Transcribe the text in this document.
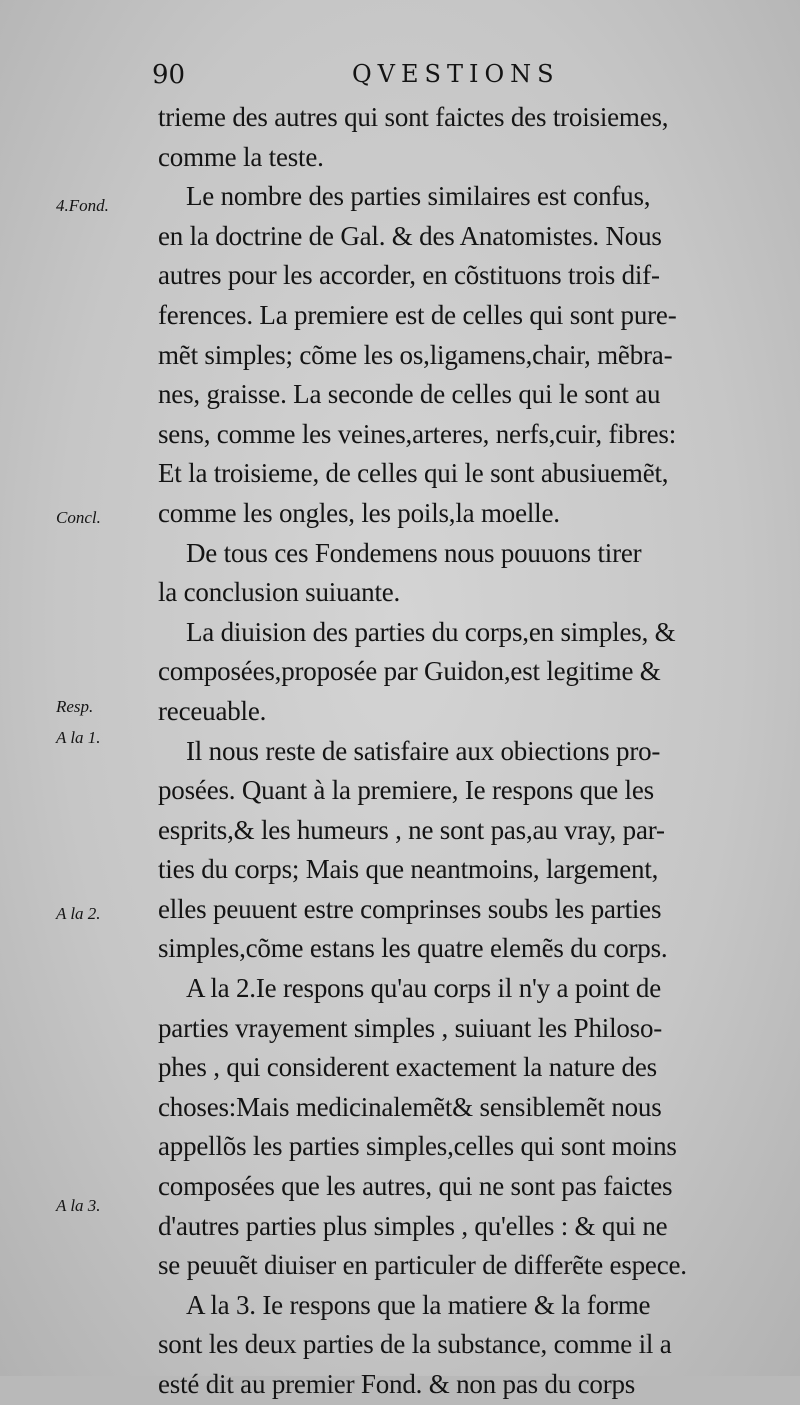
90	QVESTIONS
4.Fond.
Concl.
Resp.
A la 1.
A la 2.
A la 3.
trieme des autres qui sont faictes des troisiemes,
comme la teste.
Le nombre des parties similaires est confus,
en la doctrine de Gal. & des Anatomistes. Nous
autres pour les accorder, en cõstituons trois dif-
ferences. La premiere est de celles qui sont pure-
mẽt simples; cõme les os,ligamens,chair, mẽbra-
nes, graisse. La seconde de celles qui le sont au
sens, comme les veines,arteres, nerfs,cuir, fibres:
Et la troisieme, de celles qui le sont abusiuemẽt,
comme les ongles, les poils,la moelle.
De tous ces Fondemens nous pouuons tirer
la conclusion suiuante.
La diuision des parties du corps,en simples, &
composées,proposée par Guidon,est legitime &
receuable.
Il nous reste de satisfaire aux obiections pro-
posées. Quant à la premiere, Ie respons que les
esprits,& les humeurs , ne sont pas,au vray, par-
ties du corps; Mais que neantmoins, largement,
elles peuuent estre comprinses soubs les parties
simples,cõme estans les quatre elemẽs du corps.
A la 2.Ie respons qu'au corps il n'y a point de
parties vrayement simples , suiuant les Philoso-
phes , qui considerent exactement la nature des
choses:Mais medicinalemẽt& sensiblemẽt nous
appellõs les parties simples,celles qui sont moins
composées que les autres, qui ne sont pas faictes
d'autres parties plus simples , qu'elles : & qui ne
se peuuẽt diuiser en particuler de differẽte espece.
A la 3. Ie respons que la matiere & la forme
sont les deux parties de la substance, comme il a
esté dit au premier Fond. & non pas du corps
